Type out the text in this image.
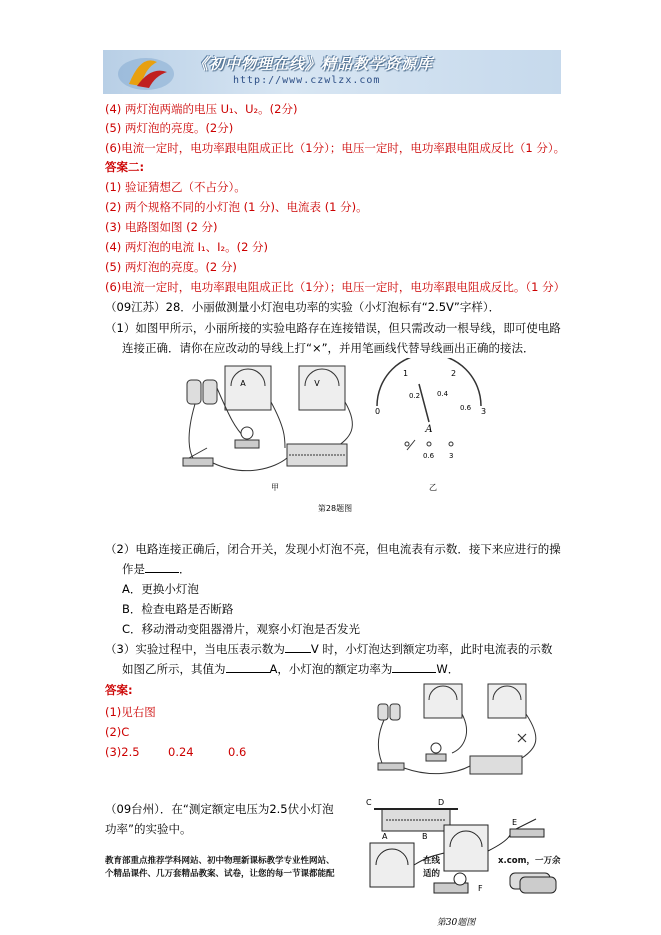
《初中物理在线》精品教学资源库
http://www.czwlzx.com
(4) 两灯泡两端的电压 U₁、U₂。(2分)
(5) 两灯泡的亮度。(2分)
(6)电流一定时，电功率跟电阻成正比（1分）；电压一定时，电功率跟电阻成反比（1 分）。
答案二:
(1) 验证猜想乙（不占分）。
(2) 两个规格不同的小灯泡 (1 分)、电流表 (1 分)。
(3) 电路图如图 (2 分)
(4) 两灯泡的电流 I₁、I₂。(2 分)
(5) 两灯泡的亮度。(2 分)
(6)电流一定时，电功率跟电阻成正比（1分）；电压一定时，电功率跟电阻成反比。（1 分）
（09江苏）28．小丽做测量小灯泡电功率的实验（小灯泡标有“2.5V”字样）．
（1）如图甲所示，小丽所接的实验电路存在连接错误，但只需改动一根导线，即可使电路
连接正确．请你在应改动的导线上打“×”，并用笔画线代替导线画出正确的接法．
A	V
0
1	2
3
0.2 0.4
0.6
A
0.6 3
甲	乙
第28题图
（2）电路连接正确后，闭合开关，发现小灯泡不亮，但电流表有示数．接下来应进行的操
作是	．
A．更换小灯泡
B．检查电路是否断路
C．移动滑动变阻器滑片，观察小灯泡是否发光
（3）实验过程中，当电压表示数为 V 时，小灯泡达到额定功率，此时电流表的示数
如图乙所示，其值为	A，小灯泡的额定功率为	W．
答案:
(1)见右图
(2)C
(3)2.5 0.24	0.6
（09台州）．在“测定额定电压为2.5伏小灯泡
功率”的实验中。
C	D
A	B
E
F
第30题图
教育部重点推荐学科网站、初中物理新课标教学专业性网站、	在线	x.com，一万余
个精品课件、几万套精品教案、试卷，让您的每一节课都能配	适的
